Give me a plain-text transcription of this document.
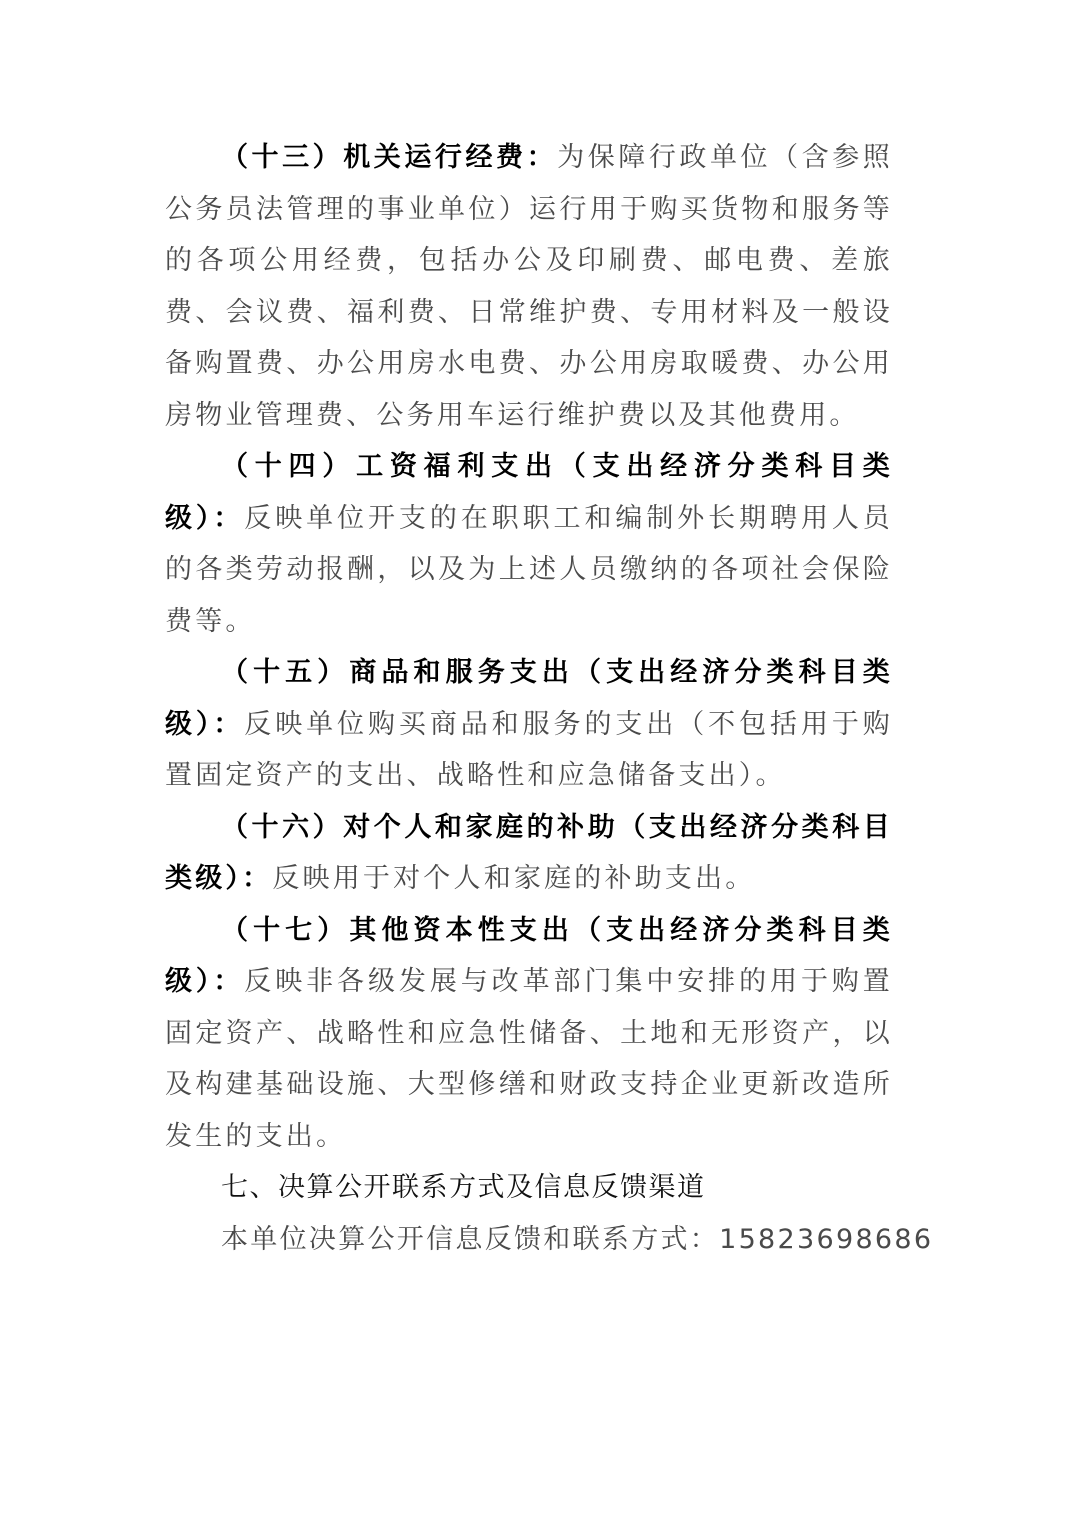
（十三）机关运行经费：为保障行政单位（含参照公务员法管理的事业单位）运行用于购买货物和服务等的各项公用经费，包括办公及印刷费、邮电费、差旅费、会议费、福利费、日常维护费、专用材料及一般设备购置费、办公用房水电费、办公用房取暖费、办公用房物业管理费、公务用车运行维护费以及其他费用。

（十四）工资福利支出（支出经济分类科目类级）：反映单位开支的在职职工和编制外长期聘用人员的各类劳动报酬，以及为上述人员缴纳的各项社会保险费等。

（十五）商品和服务支出（支出经济分类科目类级）：反映单位购买商品和服务的支出（不包括用于购置固定资产的支出、战略性和应急储备支出）。

（十六）对个人和家庭的补助（支出经济分类科目类级）：反映用于对个人和家庭的补助支出。

（十七）其他资本性支出（支出经济分类科目类级）：反映非各级发展与改革部门集中安排的用于购置固定资产、战略性和应急性储备、土地和无形资产，以及构建基础设施、大型修缮和财政支持企业更新改造所发生的支出。

七、决算公开联系方式及信息反馈渠道

本单位决算公开信息反馈和联系方式：15823698686
